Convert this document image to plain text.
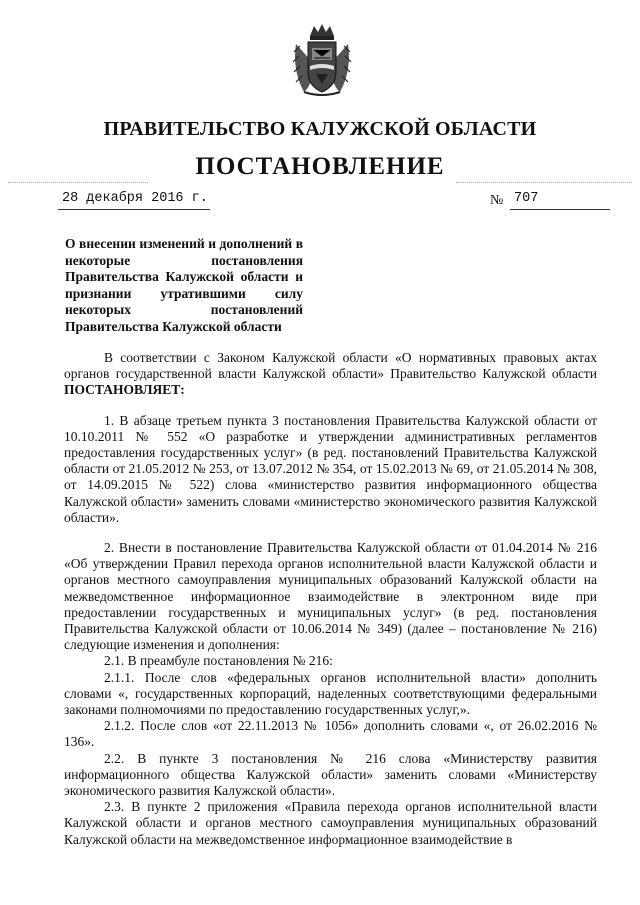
ПРАВИТЕЛЬСТВО КАЛУЖСКОЙ ОБЛАСТИ
ПОСТАНОВЛЕНИЕ
28 декабря 2016 г.	№ 707
О внесении изменений и дополнений в некоторые постановления Правительства Калужской области и признании утратившими силу некоторых постановлений Правительства Калужской области

В соответствии с Законом Калужской области «О нормативных правовых актах органов государственной власти Калужской области» Правительство Калужской области ПОСТАНОВЛЯЕТ:

1. В абзаце третьем пункта 3 постановления Правительства Калужской области от 10.10.2011 № 552 «О разработке и утверждении административных регламентов предоставления государственных услуг» (в ред. постановлений Правительства Калужской области от 21.05.2012 № 253, от 13.07.2012 № 354, от 15.02.2013 № 69, от 21.05.2014 № 308, от 14.09.2015 № 522) слова «министерство развития информационного общества Калужской области» заменить словами «министерство экономического развития Калужской области».

2. Внести в постановление Правительства Калужской области от 01.04.2014 № 216 «Об утверждении Правил перехода органов исполнительной власти Калужской области и органов местного самоуправления муниципальных образований Калужской области на межведомственное информационное взаимодействие в электронном виде при предоставлении государственных и муниципальных услуг» (в ред. постановления Правительства Калужской области от 10.06.2014 № 349) (далее – постановление № 216) следующие изменения и дополнения:

2.1. В преамбуле постановления № 216:

2.1.1. После слов «федеральных органов исполнительной власти» дополнить словами «, государственных корпораций, наделенных соответствующими федеральными законами полномочиями по предоставлению государственных услуг,».

2.1.2. После слов «от 22.11.2013 № 1056» дополнить словами «, от 26.02.2016 № 136».

2.2. В пункте 3 постановления № 216 слова «Министерству развития информационного общества Калужской области» заменить словами «Министерству экономического развития Калужской области».

2.3. В пункте 2 приложения «Правила перехода органов исполнительной власти Калужской области и органов местного самоуправления муниципальных образований Калужской области на межведомственное информационное взаимодействие в
